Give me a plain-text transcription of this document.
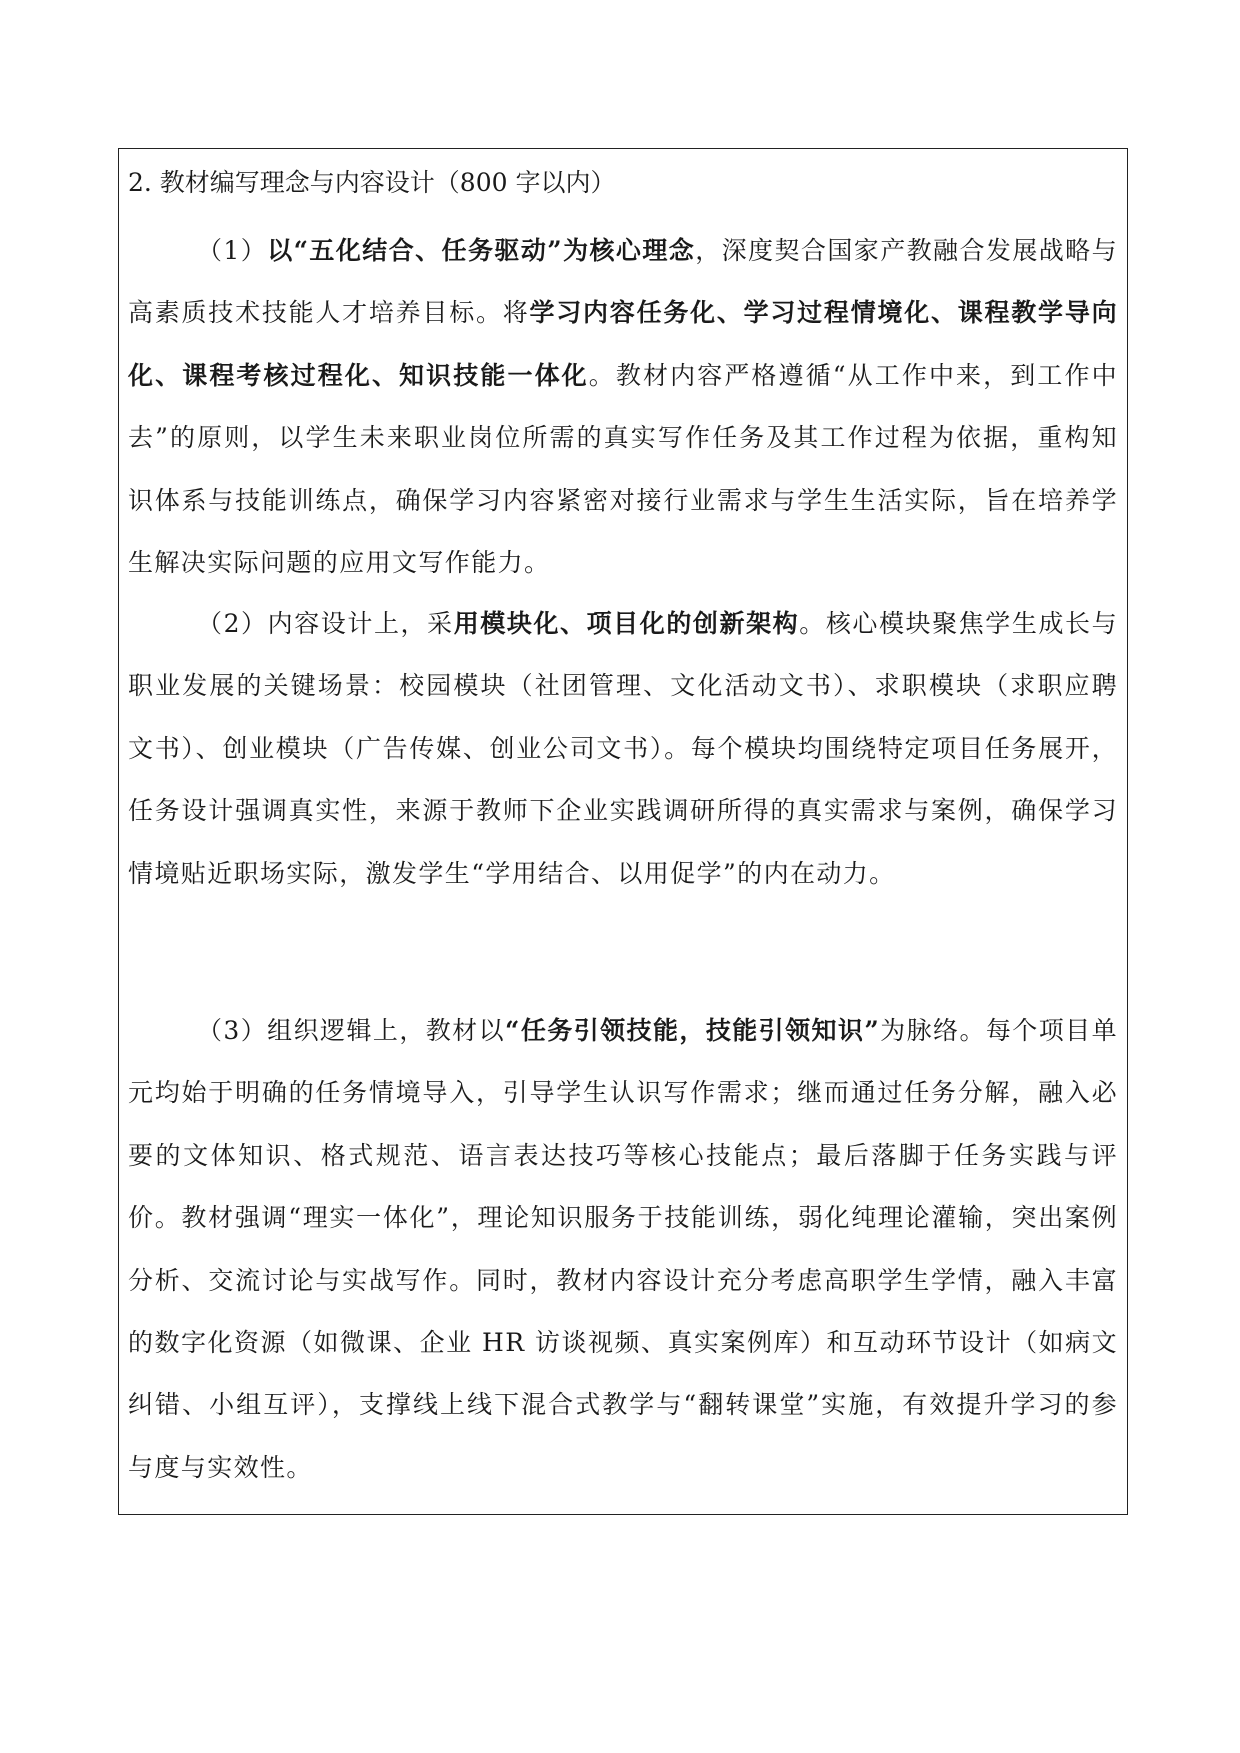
2. 教材编写理念与内容设计（800 字以内）

（1）以“五化结合、任务驱动”为核心理念，深度契合国家产教融合发展战略与高素质技术技能人才培养目标。将学习内容任务化、学习过程情境化、课程教学导向化、课程考核过程化、知识技能一体化。教材内容严格遵循“从工作中来，到工作中去”的原则，以学生未来职业岗位所需的真实写作任务及其工作过程为依据，重构知识体系与技能训练点，确保学习内容紧密对接行业需求与学生生活实际，旨在培养学生解决实际问题的应用文写作能力。

（2）内容设计上，采用模块化、项目化的创新架构。核心模块聚焦学生成长与职业发展的关键场景：校园模块（社团管理、文化活动文书）、求职模块（求职应聘文书）、创业模块（广告传媒、创业公司文书）。每个模块均围绕特定项目任务展开，任务设计强调真实性，来源于教师下企业实践调研所得的真实需求与案例，确保学习情境贴近职场实际，激发学生“学用结合、以用促学”的内在动力。

（3）组织逻辑上，教材以“任务引领技能，技能引领知识”为脉络。每个项目单元均始于明确的任务情境导入，引导学生认识写作需求；继而通过任务分解，融入必要的文体知识、格式规范、语言表达技巧等核心技能点；最后落脚于任务实践与评价。教材强调“理实一体化”，理论知识服务于技能训练，弱化纯理论灌输，突出案例分析、交流讨论与实战写作。同时，教材内容设计充分考虑高职学生学情，融入丰富的数字化资源（如微课、企业 HR 访谈视频、真实案例库）和互动环节设计（如病文纠错、小组互评），支撑线上线下混合式教学与“翻转课堂”实施，有效提升学习的参与度与实效性。
